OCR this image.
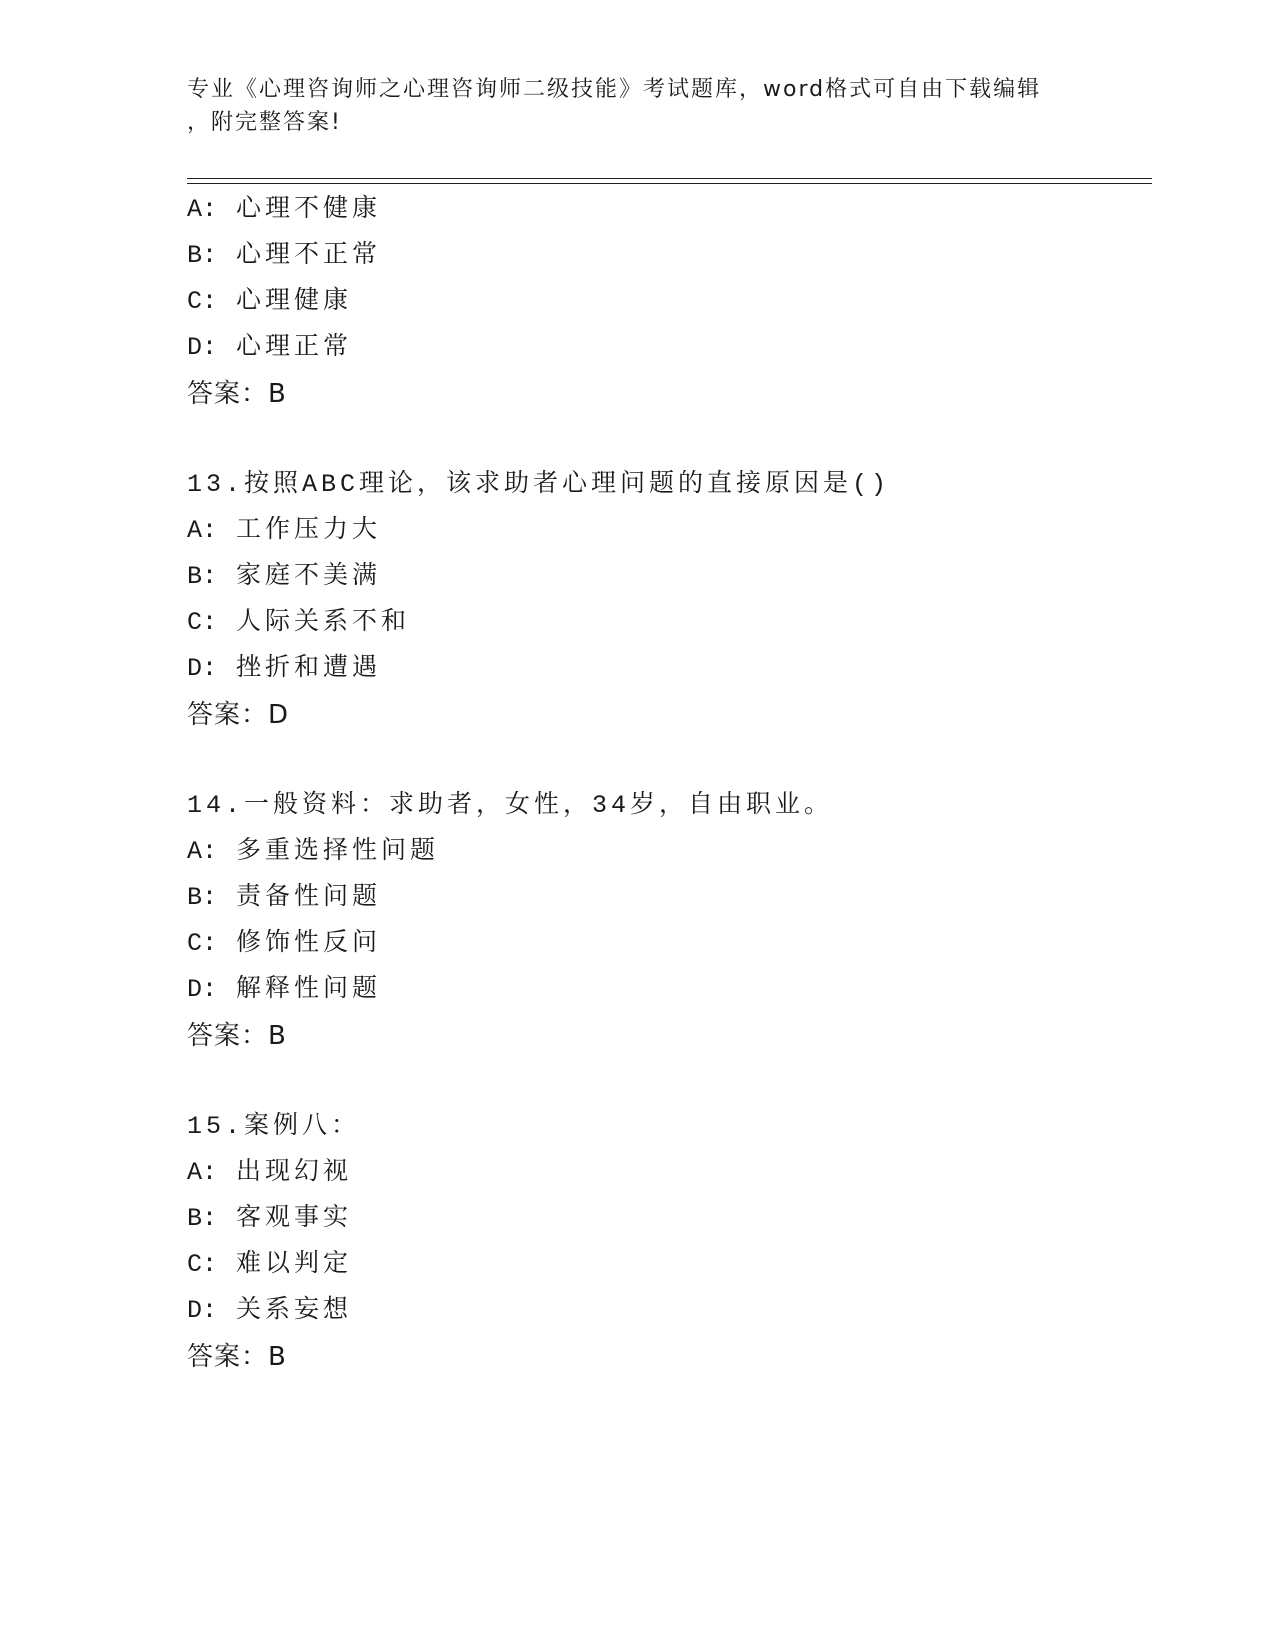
专业《心理咨询师之心理咨询师二级技能》考试题库，word格式可自由下载编辑
，附完整答案!
A: 心理不健康
B: 心理不正常
C: 心理健康
D: 心理正常
答案：B
13.按照ABC理论，该求助者心理问题的直接原因是()
A: 工作压力大
B: 家庭不美满
C: 人际关系不和
D: 挫折和遭遇
答案：D
14.一般资料：求助者，女性，34岁，自由职业。
A: 多重选择性问题
B: 责备性问题
C: 修饰性反问
D: 解释性问题
答案：B
15.案例八：
A: 出现幻视
B: 客观事实
C: 难以判定
D: 关系妄想
答案：B
